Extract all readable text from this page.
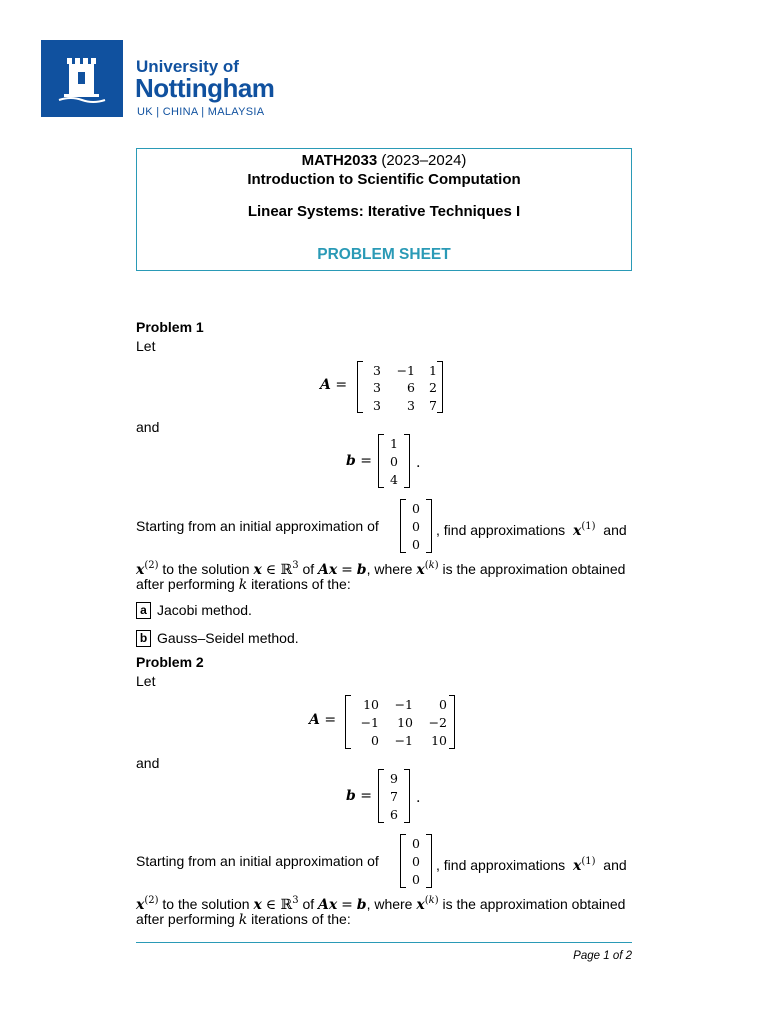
University of
Nottingham
UK | CHINA | MALAYSIA
MATH2033 (2023–2024)
Introduction to Scientific Computation
Linear Systems: Iterative Techniques I
PROBLEM SHEET
Problem 1
Let
A =
3	−1	1
3	6	2
3	3	7
and
b =
1
0
4
.
Starting from an initial approximation of
0
0
0
, find approximations $x^{(1)}$ and
$x^{(2)}$ to the solution x ∈ ℝ$^3$ of Ax = b, where $x^{(k)}$ is the approximation obtained
after performing k iterations of the:
a Jacobi method.
b Gauss–Seidel method.
Problem 2
Let
A =
10	−1	0
−1	10	−2
0	−1	10
and
b =
9
7
6
.
Starting from an initial approximation of
0
0
0
, find approximations $x^{(1)}$ and
$x^{(2)}$ to the solution x ∈ ℝ$^3$ of Ax = b, where $x^{(k)}$ is the approximation obtained
after performing k iterations of the:
Page 1 of 2
